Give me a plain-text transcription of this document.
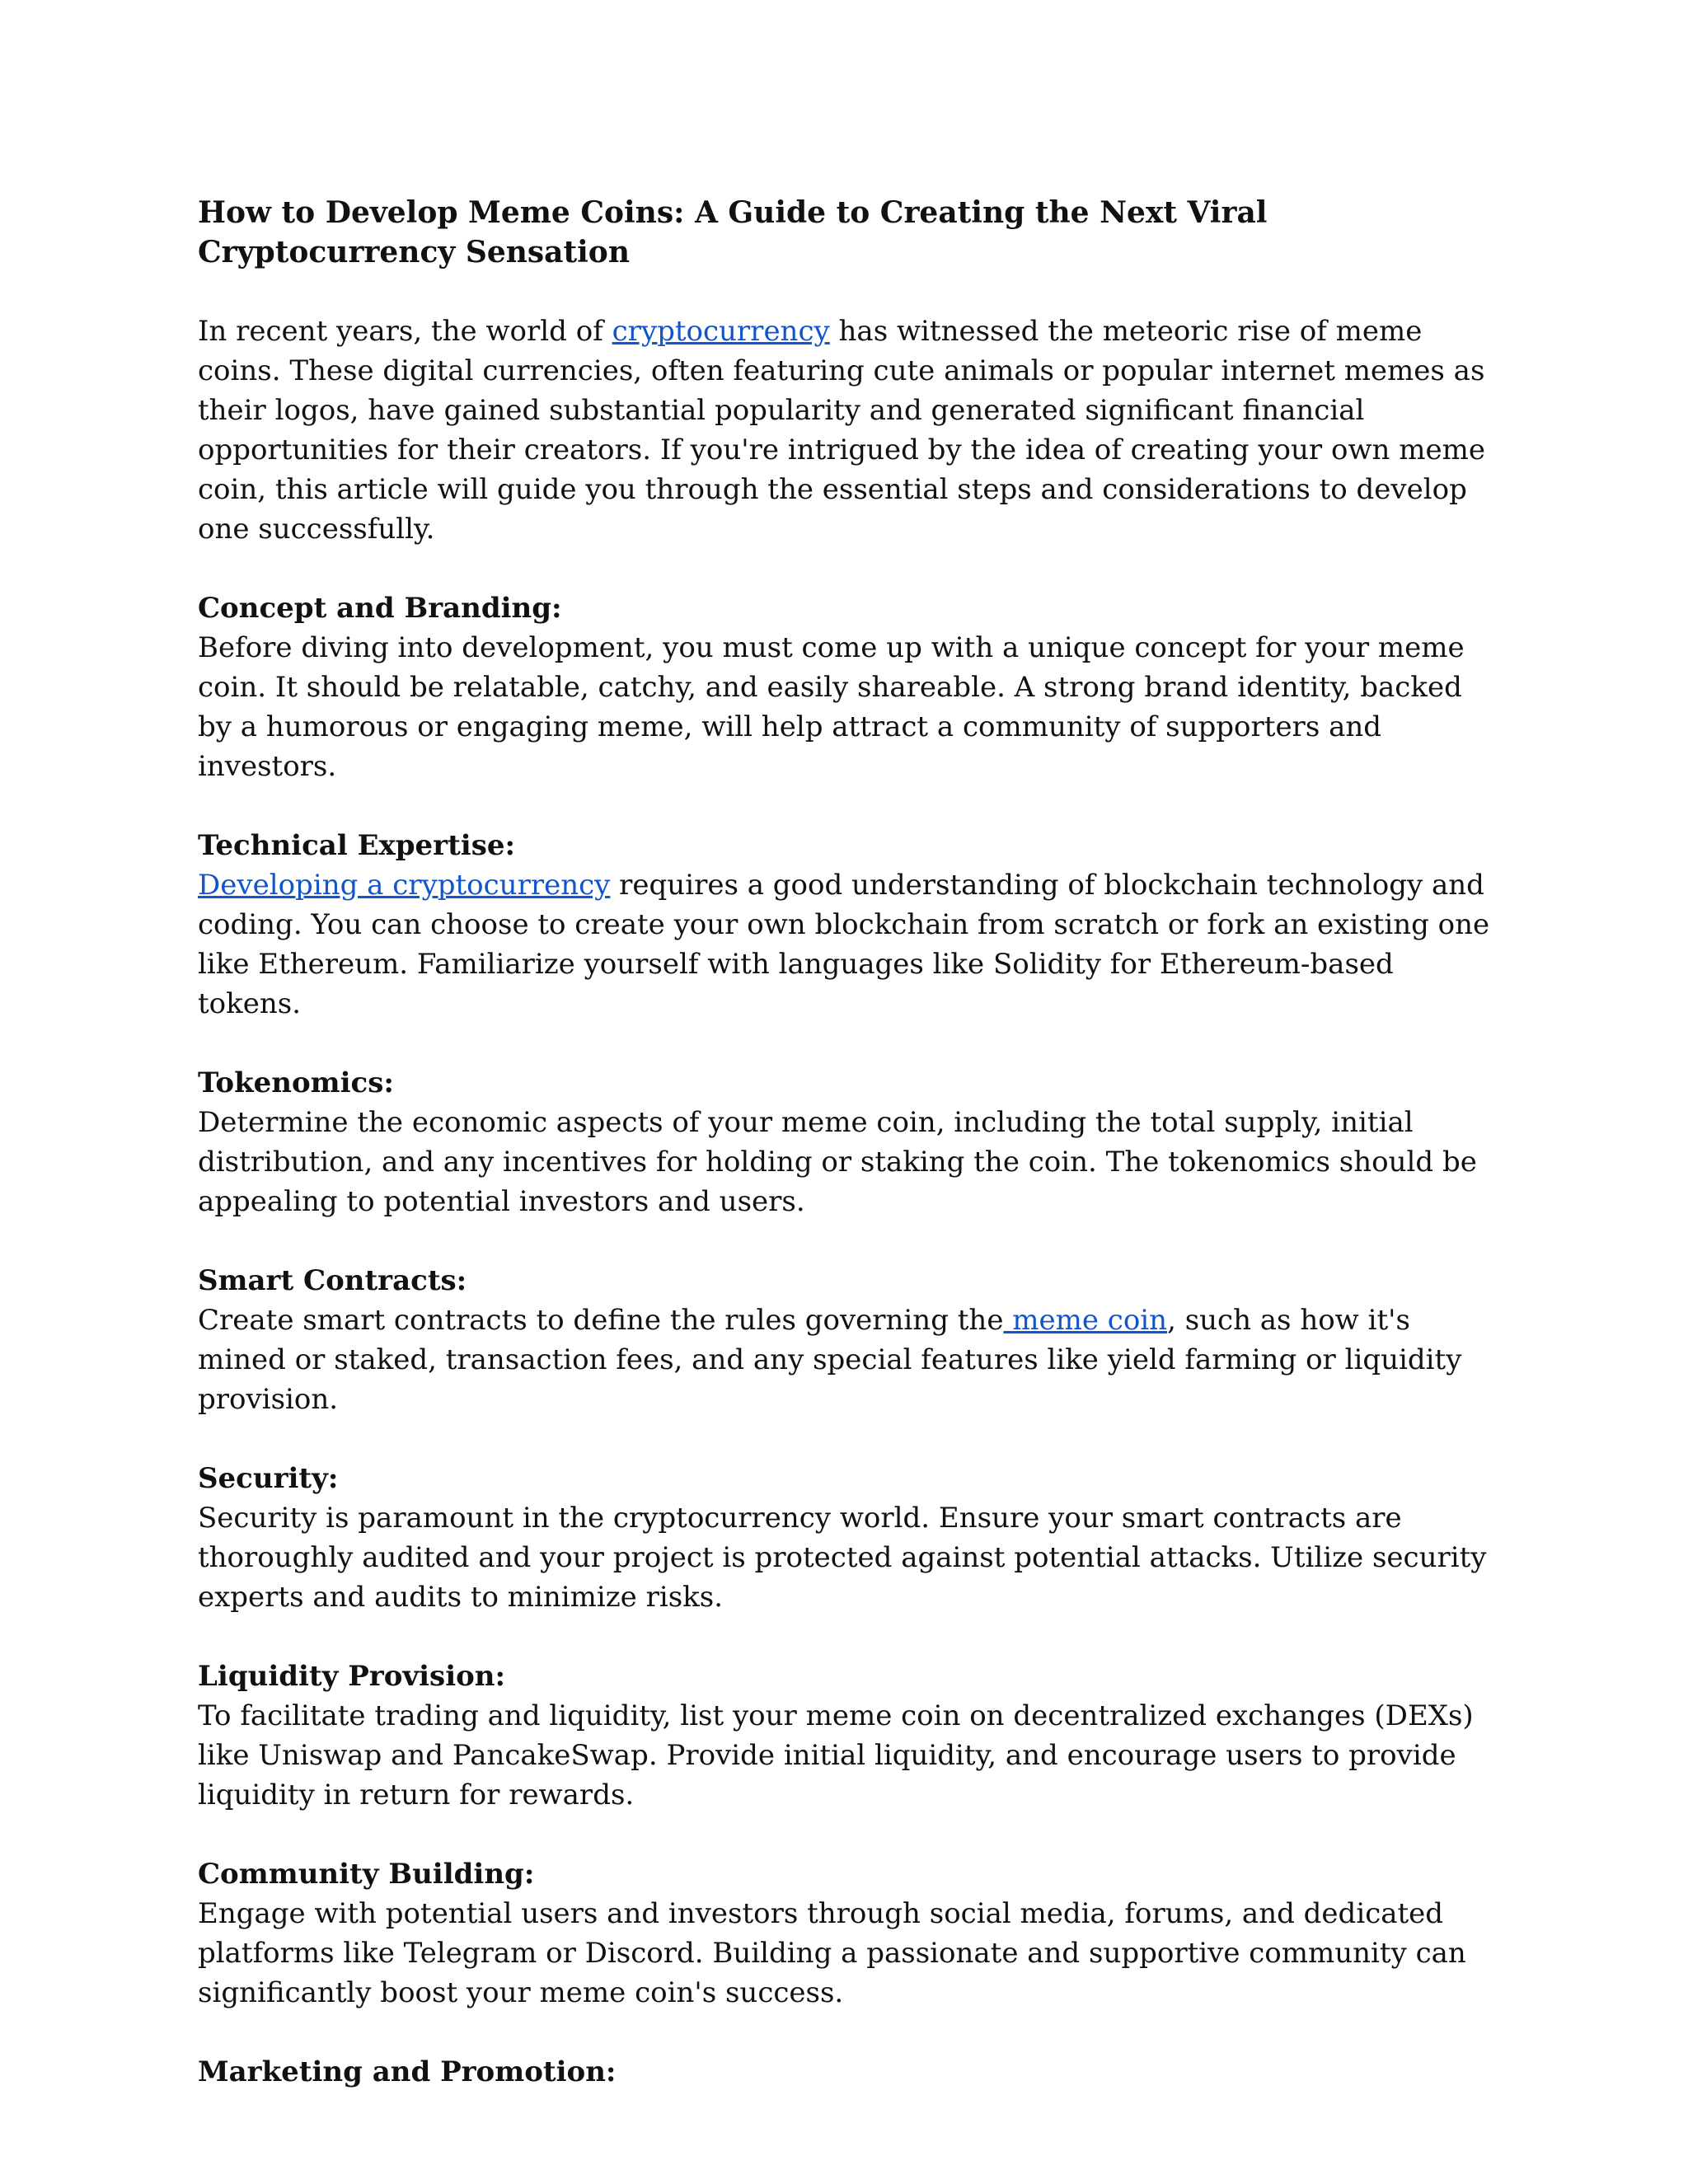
How to Develop Meme Coins: A Guide to Creating the Next Viral Cryptocurrency Sensation
In recent years, the world of cryptocurrency has witnessed the meteoric rise of meme coins. These digital currencies, often featuring cute animals or popular internet memes as their logos, have gained substantial popularity and generated significant financial opportunities for their creators. If you're intrigued by the idea of creating your own meme coin, this article will guide you through the essential steps and considerations to develop one successfully.
Concept and Branding:
Before diving into development, you must come up with a unique concept for your meme coin. It should be relatable, catchy, and easily shareable. A strong brand identity, backed by a humorous or engaging meme, will help attract a community of supporters and investors.
Technical Expertise:
Developing a cryptocurrency requires a good understanding of blockchain technology and coding. You can choose to create your own blockchain from scratch or fork an existing one like Ethereum. Familiarize yourself with languages like Solidity for Ethereum-based tokens.
Tokenomics:
Determine the economic aspects of your meme coin, including the total supply, initial distribution, and any incentives for holding or staking the coin. The tokenomics should be appealing to potential investors and users.
Smart Contracts:
Create smart contracts to define the rules governing the meme coin, such as how it's mined or staked, transaction fees, and any special features like yield farming or liquidity provision.
Security:
Security is paramount in the cryptocurrency world. Ensure your smart contracts are thoroughly audited and your project is protected against potential attacks. Utilize security experts and audits to minimize risks.
Liquidity Provision:
To facilitate trading and liquidity, list your meme coin on decentralized exchanges (DEXs) like Uniswap and PancakeSwap. Provide initial liquidity, and encourage users to provide liquidity in return for rewards.
Community Building:
Engage with potential users and investors through social media, forums, and dedicated platforms like Telegram or Discord. Building a passionate and supportive community can significantly boost your meme coin's success.
Marketing and Promotion:
